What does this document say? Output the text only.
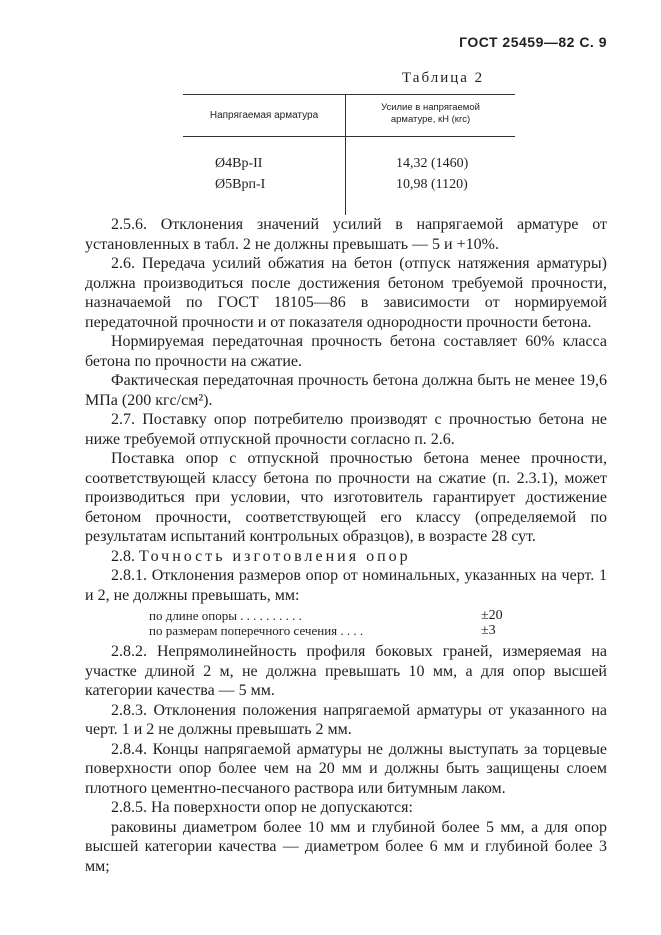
ГОСТ 25459—82 С. 9
Таблица 2
Напрягаемая арматура
Усилие в напрягаемой
арматуре, кН (кгс)
Ø4Вр-II
Ø5Врп-I
14,32 (1460)
10,98 (1120)

2.5.6. Отклонения значений усилий в напрягаемой арматуре от установленных в табл. 2 не должны превышать — 5 и +10%.

2.6. Передача усилий обжатия на бетон (отпуск натяжения арматуры) должна производиться после достижения бетоном требуемой прочности, назначаемой по ГОСТ 18105—86 в зависимости от нормируемой передаточной прочности и от показателя однородности прочности бетона.

Нормируемая передаточная прочность бетона составляет 60% класса бетона по прочности на сжатие.

Фактическая передаточная прочность бетона должна быть не менее 19,6 МПа (200 кгс/см²).

2.7. Поставку опор потребителю производят с прочностью бетона не ниже требуемой отпускной прочности согласно п. 2.6.

Поставка опор с отпускной прочностью бетона менее прочности, соответствующей классу бетона по прочности на сжатие (п. 2.3.1), может производиться при условии, что изготовитель гарантирует достижение бетоном прочности, соответствующей его классу (определяемой по результатам испытаний контрольных образцов), в возрасте 28 сут.

2.8. Точность изготовления опор

2.8.1. Отклонения размеров опор от номинальных, указанных на черт. 1 и 2, не должны превышать, мм:

по длине опоры . . . . . . . . . .	±20
по размерам поперечного сечения . . . .	±3

2.8.2. Непрямолинейность профиля боковых граней, измеряемая на участке длиной 2 м, не должна превышать 10 мм, а для опор высшей категории качества — 5 мм.

2.8.3. Отклонения положения напрягаемой арматуры от указанного на черт. 1 и 2 не должны превышать 2 мм.

2.8.4. Концы напрягаемой арматуры не должны выступать за торцевые поверхности опор более чем на 20 мм и должны быть защищены слоем плотного цементно-песчаного раствора или битумным лаком.

2.8.5. На поверхности опор не допускаются:

раковины диаметром более 10 мм и глубиной более 5 мм, а для опор высшей категории качества — диаметром более 6 мм и глубиной более 3 мм;
